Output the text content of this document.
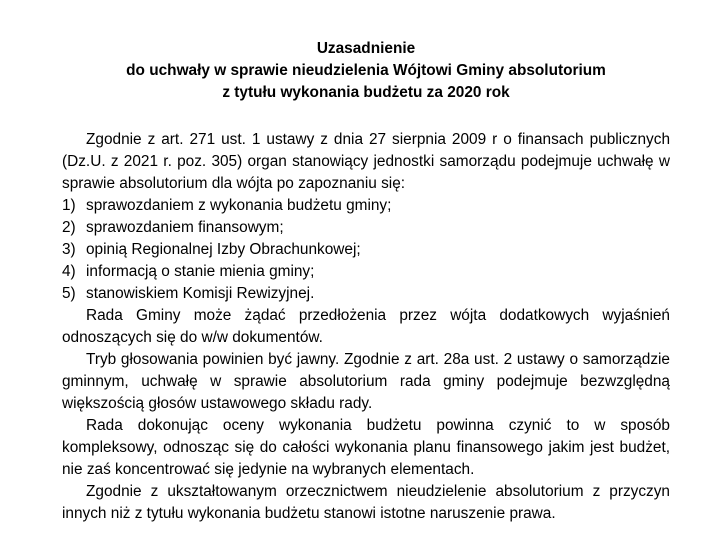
Uzasadnienie
do uchwały w sprawie nieudzielenia Wójtowi Gminy absolutorium
z tytułu wykonania budżetu za 2020 rok

Zgodnie z art. 271 ust. 1 ustawy z dnia 27 sierpnia 2009 r o finansach publicznych (Dz.U. z 2021 r. poz. 305) organ stanowiący jednostki samorządu podejmuje uchwałę w sprawie absolutorium dla wójta po zapoznaniu się:

1) sprawozdaniem z wykonania budżetu gminy;
2) sprawozdaniem finansowym;
3) opinią Regionalnej Izby Obrachunkowej;
4) informacją o stanie mienia gminy;
5) stanowiskiem Komisji Rewizyjnej.

Rada Gminy może żądać przedłożenia przez wójta dodatkowych wyjaśnień odnoszących się do w/w dokumentów.

Tryb głosowania powinien być jawny. Zgodnie z art. 28a ust. 2 ustawy o samorządzie gminnym, uchwałę w sprawie absolutorium rada gminy podejmuje bezwzględną większością głosów ustawowego składu rady.

Rada dokonując oceny wykonania budżetu powinna czynić to w sposób kompleksowy, odnosząc się do całości wykonania planu finansowego jakim jest budżet, nie zaś koncentrować się jedynie na wybranych elementach.

Zgodnie z ukształtowanym orzecznictwem nieudzielenie absolutorium z przyczyn innych niż z tytułu wykonania budżetu stanowi istotne naruszenie prawa.
